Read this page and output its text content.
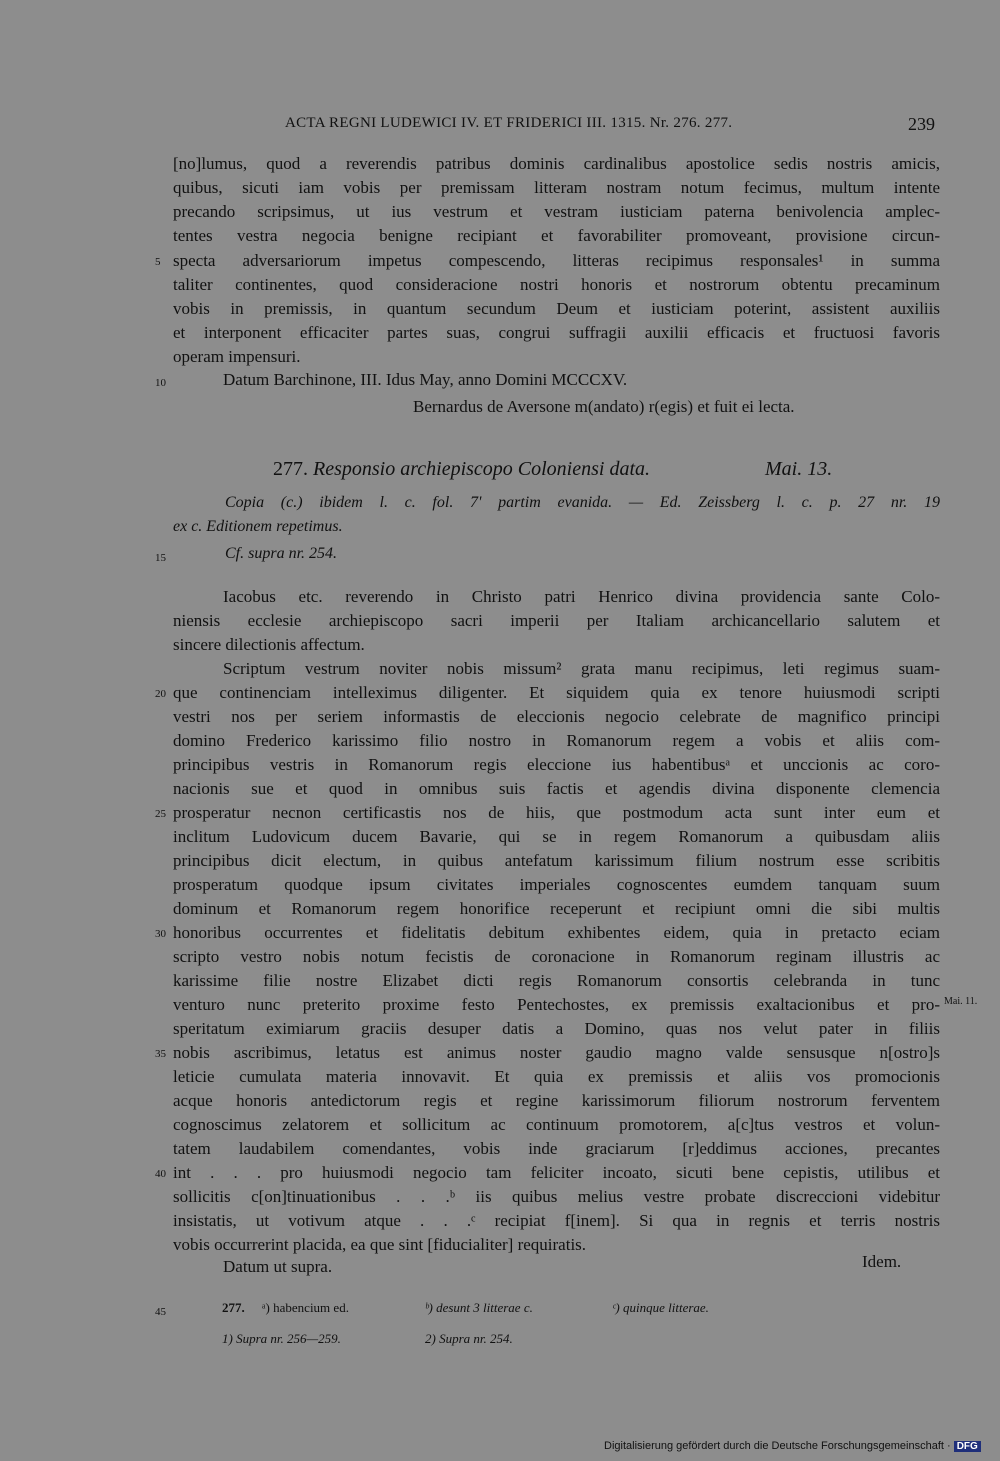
ACTA REGNI LUDEWICI IV. ET FRIDERICI III. 1315. Nr. 276. 277.	239
[no]lumus, quod a reverendis patribus dominis cardinalibus apostolice sedis nostris amicis,
quibus, sicuti iam vobis per premissam litteram nostram notum fecimus, multum intente
precando scripsimus, ut ius vestrum et vestram iusticiam paterna benivolencia amplec-
tentes vestra negocia benigne recipiant et favorabiliter promoveant, provisione circun-
specta adversariorum impetus compescendo, litteras recipimus responsales¹ in summa
taliter continentes, quod consideracione nostri honoris et nostrorum obtentu precaminum
vobis in premissis, in quantum secundum Deum et iusticiam poterint, assistent auxiliis
et interponent efficaciter partes suas, congrui suffragii auxilii efficacis et fructuosi favoris
operam impensuri.
Datum Barchinone, III. Idus May, anno Domini MCCCXV.
Bernardus de Aversone m(andato) r(egis) et fuit ei lecta.
277. Responsio archiepiscopo Coloniensi data.	Mai. 13.
Copia (c.) ibidem l. c. fol. 7' partim evanida. — Ed. Zeissberg l. c. p. 27 nr. 19
ex c. Editionem repetimus.
Cf. supra nr. 254.
Iacobus etc. reverendo in Christo patri Henrico divina providencia sante Colo-
niensis ecclesie archiepiscopo sacri imperii per Italiam archicancellario salutem et
sincere dilectionis affectum.
Scriptum vestrum noviter nobis missum² grata manu recipimus, leti regimus suam-
que continenciam intelleximus diligenter. Et siquidem quia ex tenore huiusmodi scripti
vestri nos per seriem informastis de eleccionis negocio celebrate de magnifico principi
domino Frederico karissimo filio nostro in Romanorum regem a vobis et aliis com-
principibus vestris in Romanorum regis eleccione ius habentibusᵃ et unccionis ac coro-
nacionis sue et quod in omnibus suis factis et agendis divina disponente clemencia
prosperatur necnon certificastis nos de hiis, que postmodum acta sunt inter eum et
inclitum Ludovicum ducem Bavarie, qui se in regem Romanorum a quibusdam aliis
principibus dicit electum, in quibus antefatum karissimum filium nostrum esse scribitis
prosperatum quodque ipsum civitates imperiales cognoscentes eumdem tanquam suum
dominum et Romanorum regem honorifice receperunt et recipiunt omni die sibi multis
honoribus occurrentes et fidelitatis debitum exhibentes eidem, quia in pretacto eciam
scripto vestro nobis notum fecistis de coronacione in Romanorum reginam illustris ac
karissime filie nostre Elizabet dicti regis Romanorum consortis celebranda in tunc
venturo nunc preterito proxime festo Pentechostes, ex premissis exaltacionibus et pro-
speritatum eximiarum graciis desuper datis a Domino, quas nos velut pater in filiis
nobis ascribimus, letatus est animus noster gaudio magno valde sensusque n[ostro]s
leticie cumulata materia innovavit. Et quia ex premissis et aliis vos promocionis
acque honoris antedictorum regis et regine karissimorum filiorum nostrorum ferventem
cognoscimus zelatorem et sollicitum ac continuum promotorem, a[c]tus vestros et volun-
tatem laudabilem comendantes, vobis inde graciarum [r]eddimus acciones, precantes
int . . . pro huiusmodi negocio tam feliciter incoato, sicuti bene cepistis, utilibus et
sollicitis c[on]tinuationibus . . .ᵇ iis quibus melius vestre probate discreccioni videbitur
insistatis, ut votivum atque . . .ᶜ recipiat f[inem]. Si qua in regnis et terris nostris
vobis occurrerint placida, ea que sint [fiducialiter] requiratis.
Datum ut supra.	Idem.
5
10
15
20
25
30
35
40
45
Mai. 11.
277. ᵃ) habencium ed.	ᵇ) desunt 3 litterae c.	ᶜ) quinque litterae.
1) Supra nr. 256—259.	2) Supra nr. 254.
Digitalisierung gefördert durch die Deutsche Forschungsgemeinschaft · DFG
